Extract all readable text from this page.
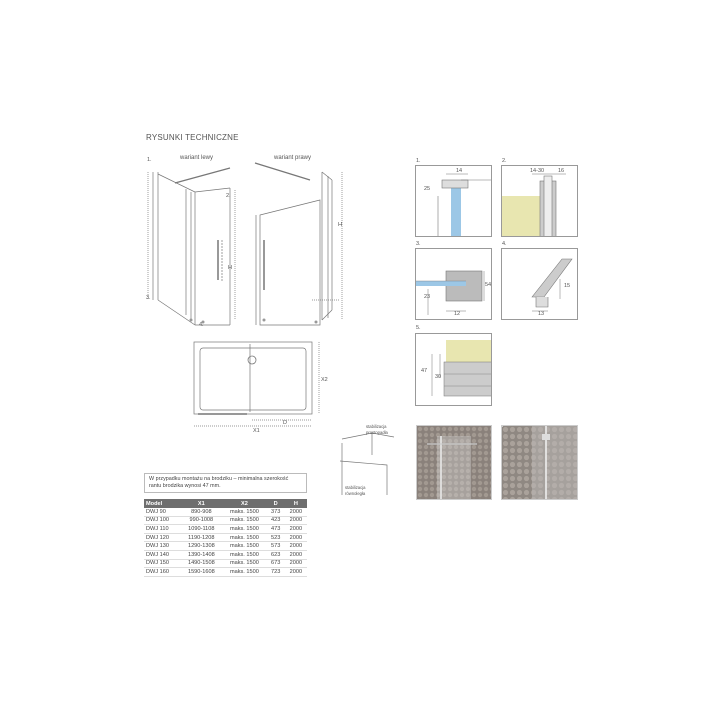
RYSUNKI TECHNICZNE
wariant lewy	wariant prawy
1.
2.
3.
4.
H
H
X1
D
X2
1.
14
25
2.
14-30	16
3.
54
23
12
4.
15
13
5.
47
30
W przypadku montażu na brodziku – minimalna szerokość rantu brodzika wynosi 47 mm.
Model	X1	X2	D	H
DWJ 90	890-908	maks. 1500	373	2000
DWJ 100	990-1008	maks. 1500	423	2000
DWJ 110	1090-1108	maks. 1500	473	2000
DWJ 120	1190-1208	maks. 1500	523	2000
DWJ 130	1290-1308	maks. 1500	573	2000
DWJ 140	1390-1408	maks. 1500	623	2000
DWJ 150	1490-1508	maks. 1500	673	2000
DWJ 160	1590-1608	maks. 1500	723	2000
stabilizacja prostopadła
stabilizacja równoległa
